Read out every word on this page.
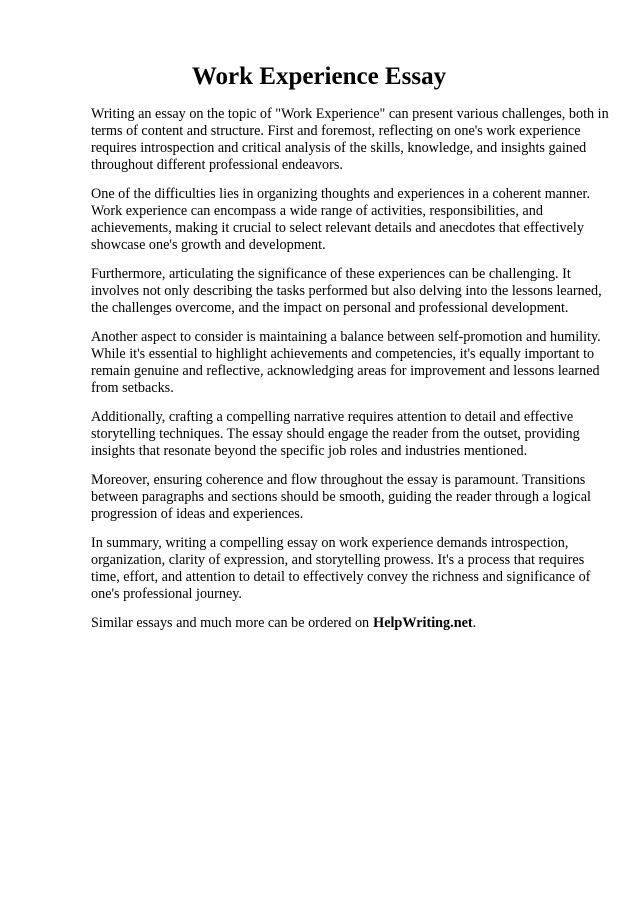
Work Experience Essay

Writing an essay on the topic of "Work Experience" can present various challenges, both in terms of content and structure. First and foremost, reflecting on one's work experience requires introspection and critical analysis of the skills, knowledge, and insights gained throughout different professional endeavors.

One of the difficulties lies in organizing thoughts and experiences in a coherent manner. Work experience can encompass a wide range of activities, responsibilities, and achievements, making it crucial to select relevant details and anecdotes that effectively showcase one's growth and development.

Furthermore, articulating the significance of these experiences can be challenging. It involves not only describing the tasks performed but also delving into the lessons learned, the challenges overcome, and the impact on personal and professional development.

Another aspect to consider is maintaining a balance between self-promotion and humility. While it's essential to highlight achievements and competencies, it's equally important to remain genuine and reflective, acknowledging areas for improvement and lessons learned from setbacks.

Additionally, crafting a compelling narrative requires attention to detail and effective storytelling techniques. The essay should engage the reader from the outset, providing insights that resonate beyond the specific job roles and industries mentioned.

Moreover, ensuring coherence and flow throughout the essay is paramount. Transitions between paragraphs and sections should be smooth, guiding the reader through a logical progression of ideas and experiences.

In summary, writing a compelling essay on work experience demands introspection, organization, clarity of expression, and storytelling prowess. It's a process that requires time, effort, and attention to detail to effectively convey the richness and significance of one's professional journey.

Similar essays and much more can be ordered on HelpWriting.net.
